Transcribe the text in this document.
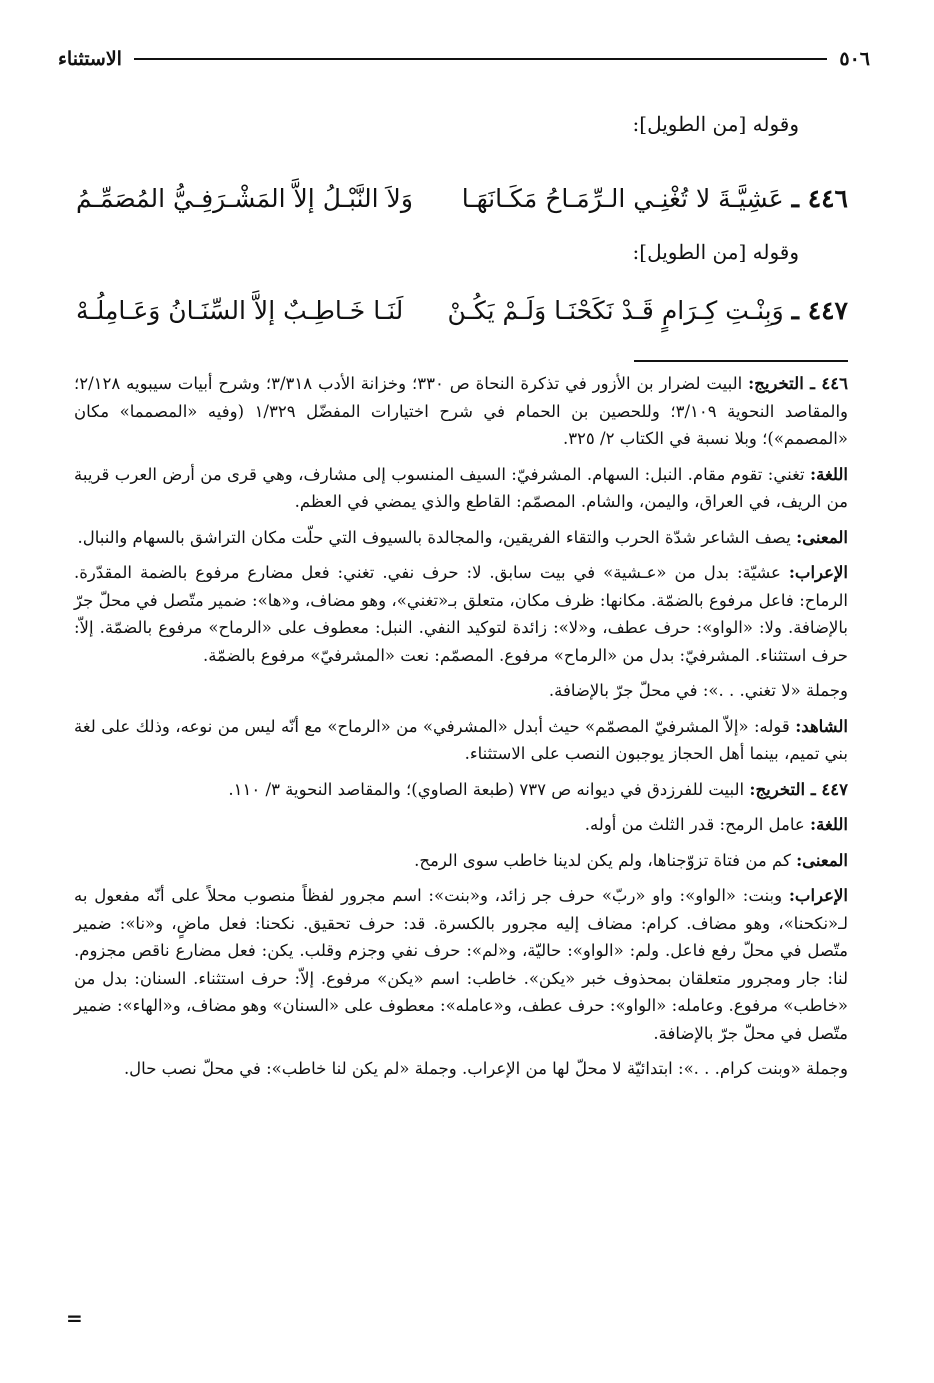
٥٠٦
الاستثناء
وقوله [من الطويل]:
٤٤٦ ـ
عَشِيَّـةَ لا تُغْنِـي الـرِّمَـاحُ مَكَـانَهَـا
وَلاَ النَّبْـلُ إلاَّ المَشْـرَفِـيُّ المُصَمِّـمُ
وقوله [من الطويل]:
٤٤٧ ـ
وَبِنْـتِ كِـرَامٍ قَـدْ نَكَحْنَـا وَلَـمْ يَكُـنْ
لَنَـا خَـاطِـبٌ إلاَّ السِّنَـانُ وَعَـامِلُـهْ

٤٤٦ ـ التخريج: البيت لضرار بن الأزور في تذكرة النحاة ص ٣٣٠؛ وخزانة الأدب ٣/٣١٨؛ وشرح أبيات سيبويه ٢/١٢٨؛ والمقاصد النحوية ٣/١٠٩؛ وللحصين بن الحمام في شرح اختيارات المفضّل ١/٣٢٩ (وفيه «المصمما» مكان «المصمم»)؛ وبلا نسبة في الكتاب ٢/ ٣٢٥.

اللغة: تغني: تقوم مقام. النبل: السهام. المشرفيّ: السيف المنسوب إلى مشارف، وهي قرى من أرض العرب قريبة من الريف، في العراق، واليمن، والشام. المصمّم: القاطع والذي يمضي في العظم.

المعنى: يصف الشاعر شدّة الحرب والتقاء الفريقين، والمجالدة بالسيوف التي حلّت مكان التراشق بالسهام والنبال.

الإعراب: عشيّة: بدل من «عـشية» في بيت سابق. لا: حرف نفي. تغني: فعل مضارع مرفوع بالضمة المقدّرة. الرماح: فاعل مرفوع بالضمّة. مكانها: ظرف مكان، متعلق بـ«تغني»، وهو مضاف، و«ها»: ضمير متّصل في محلّ جرّ بالإضافة. ولا: «الواو»: حرف عطف، و«لا»: زائدة لتوكيد النفي. النبل: معطوف على «الرماح» مرفوع بالضمّة. إلاّ: حرف استثناء. المشرفيّ: بدل من «الرماح» مرفوع. المصمّم: نعت «المشرفيّ» مرفوع بالضمّة.

وجملة «لا تغني. . .»: في محلّ جرّ بالإضافة.

الشاهد: قوله: «إلاّ المشرفيّ المصمّم» حيث أبدل «المشرفي» من «الرماح» مع أنّه ليس من نوعه، وذلك على لغة بني تميم، بينما أهل الحجاز يوجبون النصب على الاستثناء.

٤٤٧ ـ التخريج: البيت للفرزدق في ديوانه ص ٧٣٧ (طبعة الصاوي)؛ والمقاصد النحوية ٣/ ١١٠.

اللغة: عامل الرمح: قدر الثلث من أوله.

المعنى: كم من فتاة تزوّجناها، ولم يكن لدينا خاطب سوى الرمح.

الإعراب: وبنت: «الواو»: واو «ربّ» حرف جر زائد، و«بنت»: اسم مجرور لفظاً منصوب محلاً على أنّه مفعول به لـ«نكحنا»، وهو مضاف. كرام: مضاف إليه مجرور بالكسرة. قد: حرف تحقيق. نكحنا: فعل ماضٍ، و«نا»: ضمير متّصل في محلّ رفع فاعل. ولم: «الواو»: حاليّة، و«لم»: حرف نفي وجزم وقلب. يكن: فعل مضارع ناقص مجزوم. لنا: جار ومجرور متعلقان بمحذوف خبر «يكن». خاطب: اسم «يكن» مرفوع. إلاّ: حرف استثناء. السنان: بدل من «خاطب» مرفوع. وعامله: «الواو»: حرف عطف، و«عامله»: معطوف على «السنان» وهو مضاف، و«الهاء»: ضمير متّصل في محلّ جرّ بالإضافة.

وجملة «وبنت كرام. . .»: ابتدائيّة لا محلّ لها من الإعراب. وجملة «لم يكن لنا خاطب»: في محلّ نصب حال.

=
